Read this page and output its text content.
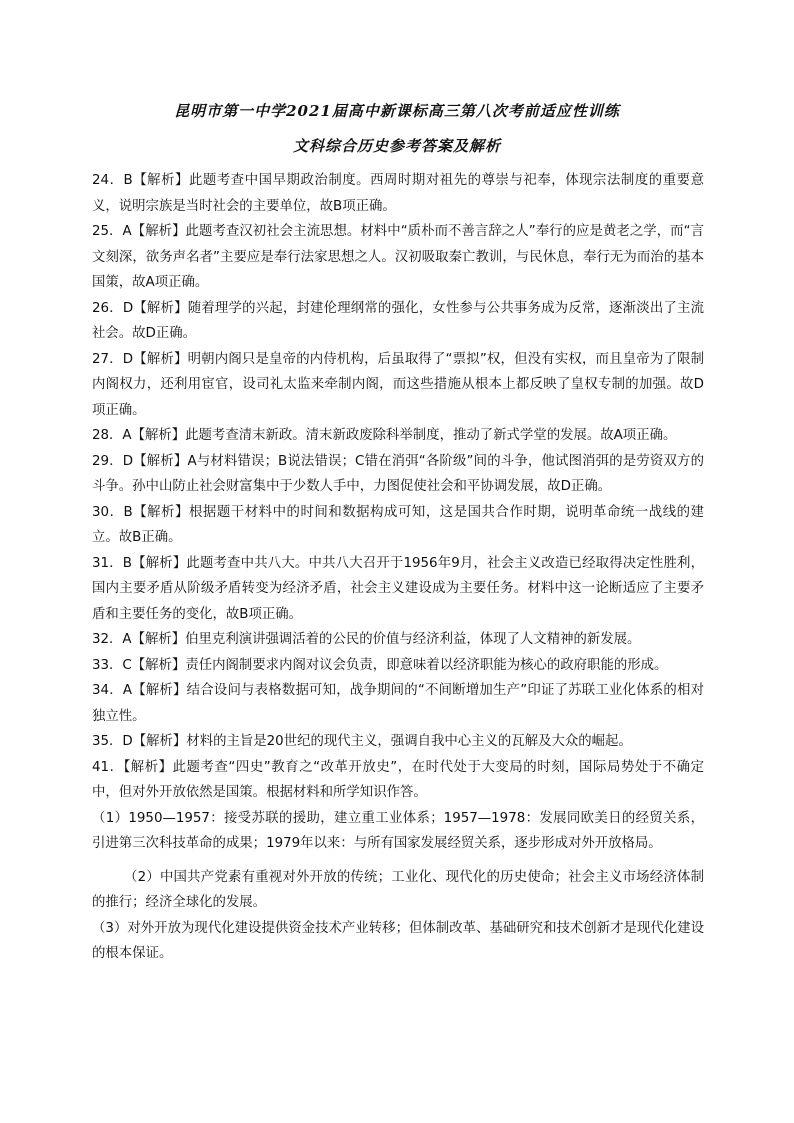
昆明市第一中学2021届高中新课标高三第八次考前适应性训练
文科综合历史参考答案及解析

24．B【解析】此题考查中国早期政治制度。西周时期对祖先的尊崇与祀奉，体现宗法制度的重要意义，说明宗族是当时社会的主要单位，故B项正确。

25．A【解析】此题考查汉初社会主流思想。材料中“质朴而不善言辞之人”奉行的应是黄老之学，而“言文刻深，欲务声名者”主要应是奉行法家思想之人。汉初吸取秦亡教训，与民休息，奉行无为而治的基本国策，故A项正确。

26．D【解析】随着理学的兴起，封建伦理纲常的强化，女性参与公共事务成为反常，逐渐淡出了主流社会。故D正确。

27．D【解析】明朝内阁只是皇帝的内侍机构，后虽取得了“票拟”权，但没有实权，而且皇帝为了限制内阁权力，还利用宦官，设司礼太监来牵制内阁，而这些措施从根本上都反映了皇权专制的加强。故D项正确。

28．A【解析】此题考查清末新政。清末新政废除科举制度，推动了新式学堂的发展。故A项正确。

29．D【解析】A与材料错误；B说法错误；C错在消弭“各阶级”间的斗争，他试图消弭的是劳资双方的斗争。孙中山防止社会财富集中于少数人手中，力图促使社会和平协调发展，故D正确。

30．B【解析】根据题干材料中的时间和数据构成可知，这是国共合作时期，说明革命统一战线的建立。故B正确。

31．B【解析】此题考查中共八大。中共八大召开于1956年9月，社会主义改造已经取得决定性胜利，国内主要矛盾从阶级矛盾转变为经济矛盾，社会主义建设成为主要任务。材料中这一论断适应了主要矛盾和主要任务的变化，故B项正确。

32．A【解析】伯里克利演讲强调活着的公民的价值与经济利益，体现了人文精神的新发展。

33．C【解析】责任内阁制要求内阁对议会负责，即意味着以经济职能为核心的政府职能的形成。

34．A【解析】结合设问与表格数据可知，战争期间的“不间断增加生产”印证了苏联工业化体系的相对独立性。

35．D【解析】材料的主旨是20世纪的现代主义，强调自我中心主义的瓦解及大众的崛起。

41．【解析】此题考查“四史”教育之“改革开放史”，在时代处于大变局的时刻，国际局势处于不确定中，但对外开放依然是国策。根据材料和所学知识作答。

（1）1950—1957：接受苏联的援助，建立重工业体系；1957—1978：发展同欧美日的经贸关系，引进第三次科技革命的成果；1979年以来：与所有国家发展经贸关系，逐步形成对外开放格局。

（2）中国共产党素有重视对外开放的传统；工业化、现代化的历史使命；社会主义市场经济体制的推行；经济全球化的发展。

（3）对外开放为现代化建设提供资金技术产业转移；但体制改革、基础研究和技术创新才是现代化建设的根本保证。
